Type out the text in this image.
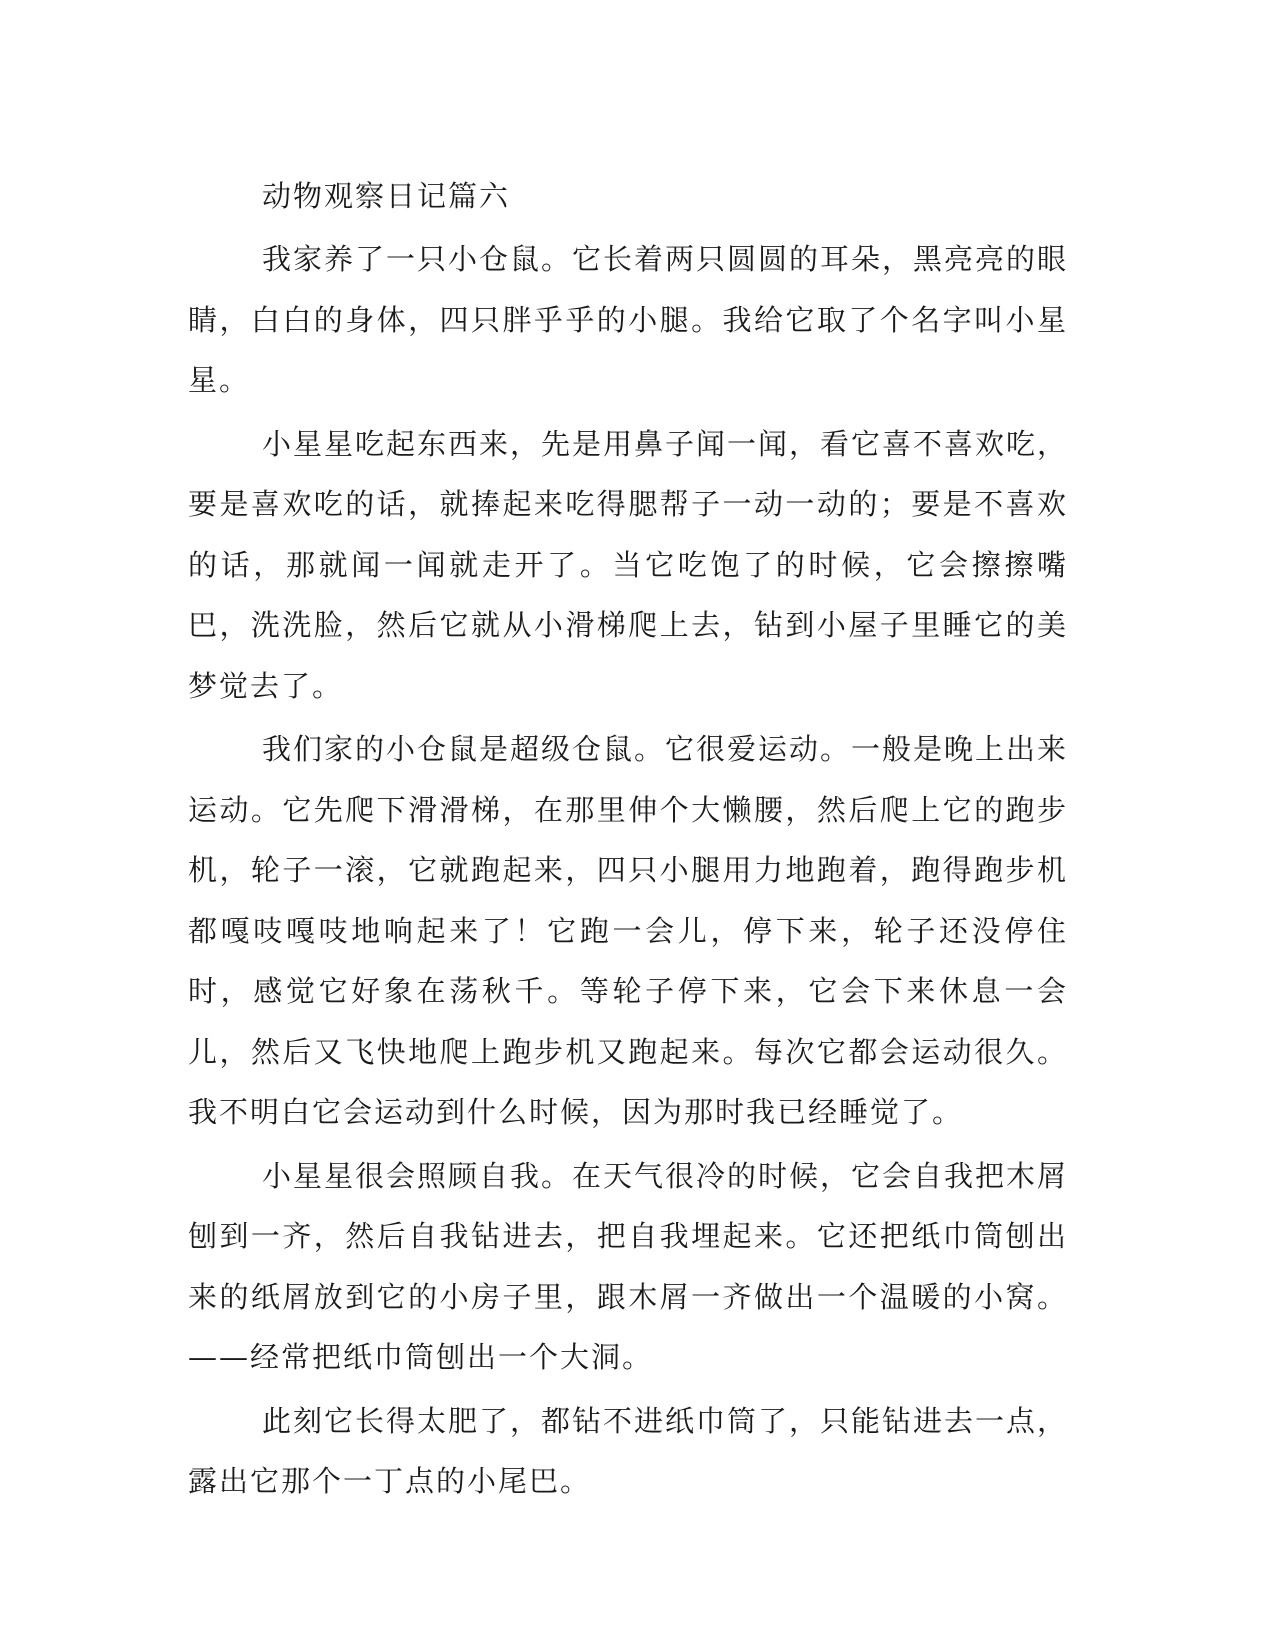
动物观察日记篇六

我家养了一只小仓鼠。它长着两只圆圆的耳朵，黑亮亮的眼睛，白白的身体，四只胖乎乎的小腿。我给它取了个名字叫小星星。

小星星吃起东西来，先是用鼻子闻一闻，看它喜不喜欢吃，要是喜欢吃的话，就捧起来吃得腮帮子一动一动的；要是不喜欢的话，那就闻一闻就走开了。当它吃饱了的时候，它会擦擦嘴巴，洗洗脸，然后它就从小滑梯爬上去，钻到小屋子里睡它的美梦觉去了。

我们家的小仓鼠是超级仓鼠。它很爱运动。一般是晚上出来运动。它先爬下滑滑梯，在那里伸个大懒腰，然后爬上它的跑步机，轮子一滚，它就跑起来，四只小腿用力地跑着，跑得跑步机都嘎吱嘎吱地响起来了！它跑一会儿，停下来，轮子还没停住时，感觉它好象在荡秋千。等轮子停下来，它会下来休息一会儿，然后又飞快地爬上跑步机又跑起来。每次它都会运动很久。我不明白它会运动到什么时候，因为那时我已经睡觉了。

小星星很会照顾自我。在天气很冷的时候，它会自我把木屑刨到一齐，然后自我钻进去，把自我埋起来。它还把纸巾筒刨出来的纸屑放到它的小房子里，跟木屑一齐做出一个温暖的小窝。——经常把纸巾筒刨出一个大洞。

此刻它长得太肥了，都钻不进纸巾筒了，只能钻进去一点，露出它那个一丁点的小尾巴。
